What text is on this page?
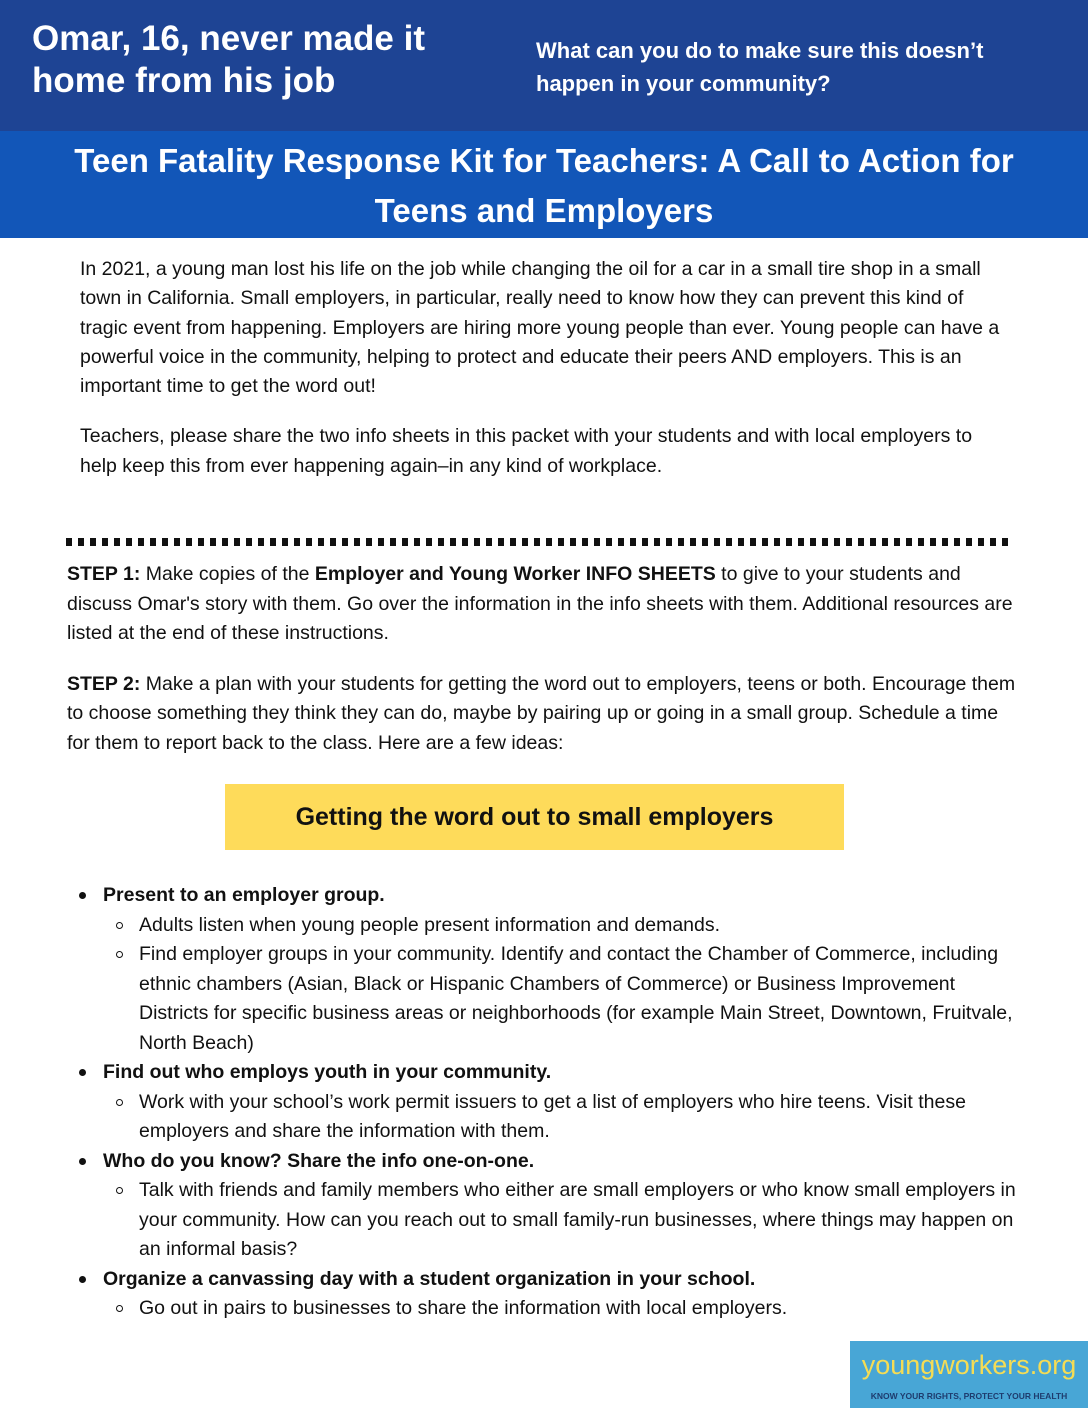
Omar, 16, never made it home from his job
What can you do to make sure this doesn’t happen in your community?
Teen Fatality Response Kit for Teachers: A Call to Action for Teens and Employers

In 2021, a young man lost his life on the job while changing the oil for a car in a small tire shop in a small town in California. Small employers, in particular, really need to know how they can prevent this kind of tragic event from happening. Employers are hiring more young people than ever. Young people can have a powerful voice in the community, helping to protect and educate their peers AND employers. This is an important time to get the word out!

Teachers, please share the two info sheets in this packet with your students and with local employers to help keep this from ever happening again–in any kind of workplace.

STEP 1: Make copies of the Employer and Young Worker INFO SHEETS to give to your students and discuss Omar's story with them. Go over the information in the info sheets with them. Additional resources are listed at the end of these instructions.

STEP 2: Make a plan with your students for getting the word out to employers, teens or both. Encourage them to choose something they think they can do, maybe by pairing up or going in a small group. Schedule a time for them to report back to the class. Here are a few ideas:

Getting the word out to small employers
Present to an employer group.
Adults listen when young people present information and demands.
Find employer groups in your community. Identify and contact the Chamber of Commerce, including ethnic chambers (Asian, Black or Hispanic Chambers of Commerce) or Business Improvement Districts for specific business areas or neighborhoods (for example Main Street, Downtown, Fruitvale, North Beach)
Find out who employs youth in your community.
Work with your school’s work permit issuers to get a list of employers who hire teens. Visit these employers and share the information with them.
Who do you know? Share the info one-on-one.
Talk with friends and family members who either are small employers or who know small employers in your community. How can you reach out to small family-run businesses, where things may happen on an informal basis?
Organize a canvassing day with a student organization in your school.
Go out in pairs to businesses to share the information with local employers.
youngworkers.org
KNOW YOUR RIGHTS, PROTECT YOUR HEALTH
